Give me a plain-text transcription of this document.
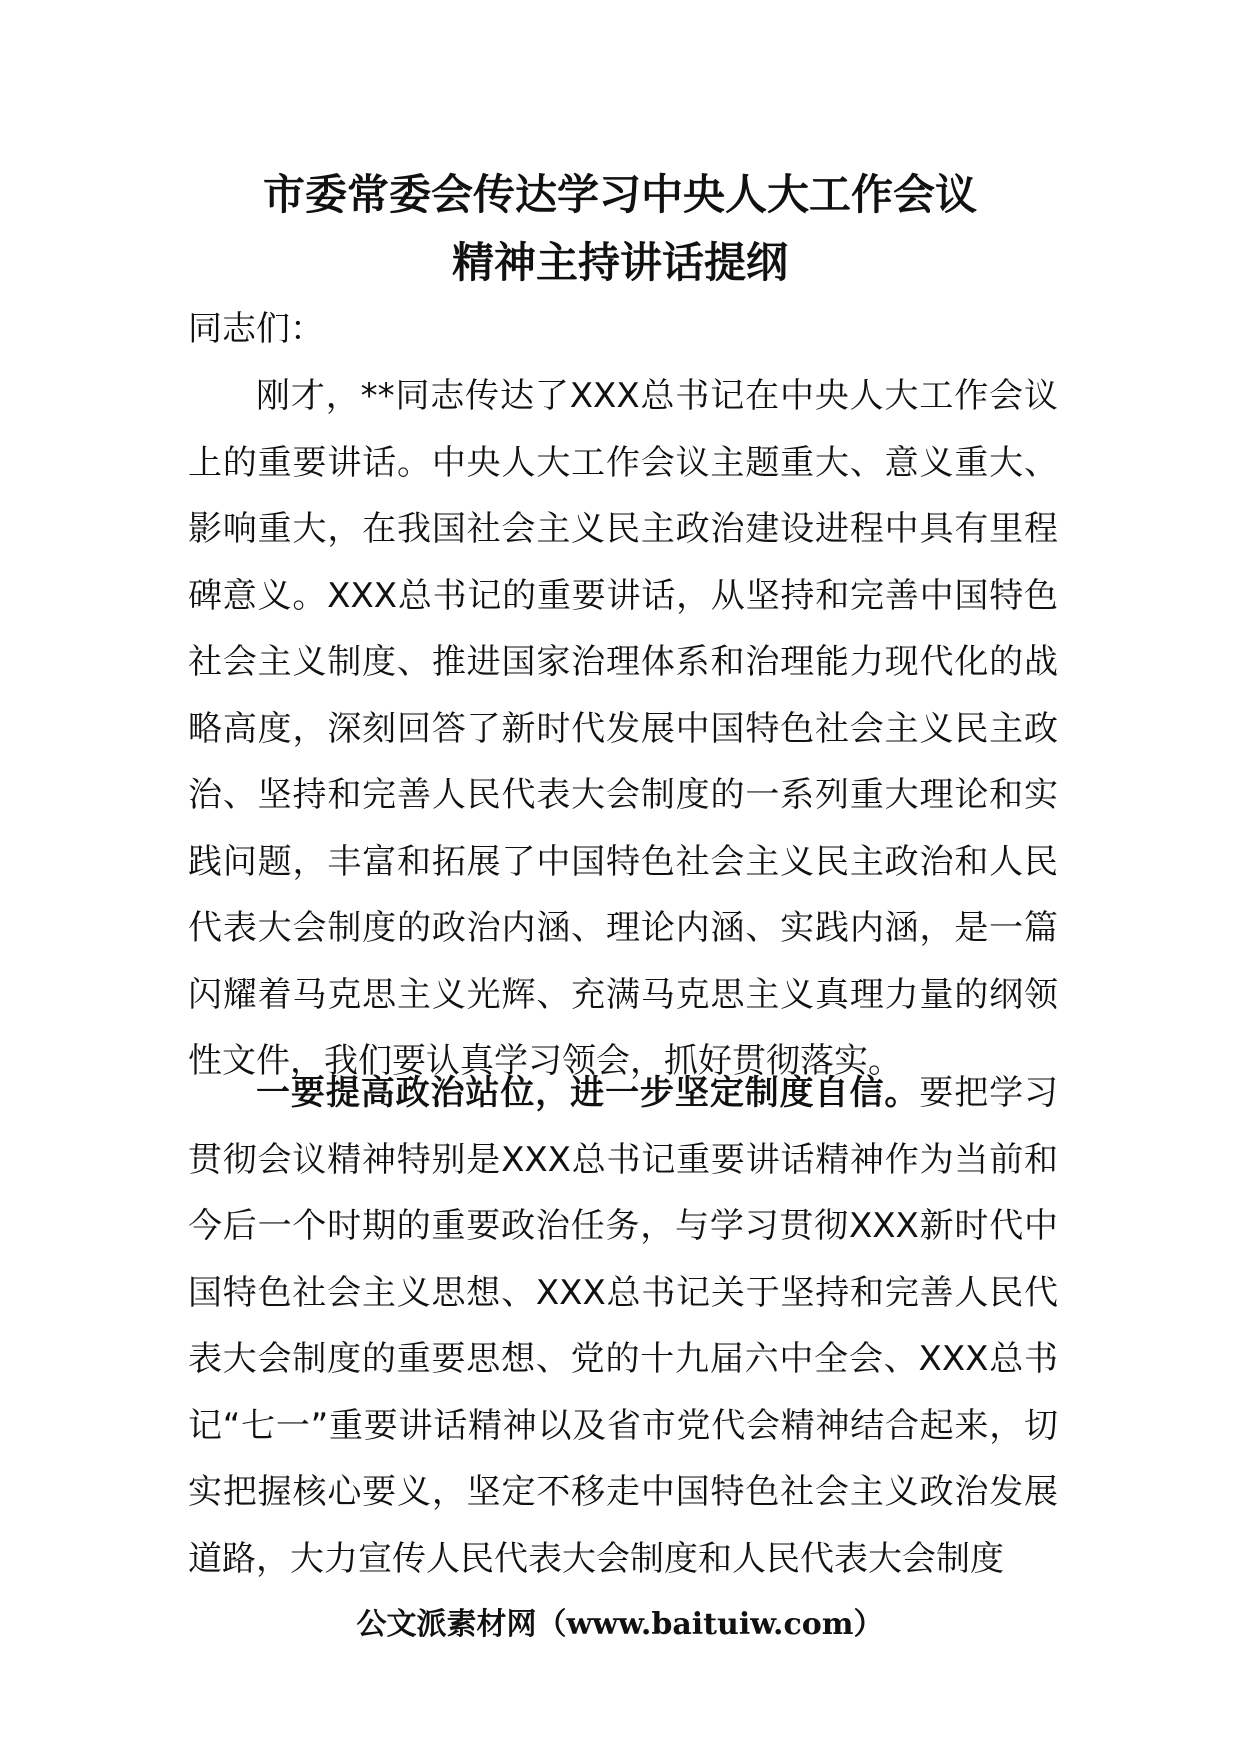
市委常委会传达学习中央人大工作会议
精神主持讲话提纲

同志们：

刚才，**同志传达了XXX总书记在中央人大工作会议上的重要讲话。中央人大工作会议主题重大、意义重大、影响重大，在我国社会主义民主政治建设进程中具有里程碑意义。XXX总书记的重要讲话，从坚持和完善中国特色社会主义制度、推进国家治理体系和治理能力现代化的战略高度，深刻回答了新时代发展中国特色社会主义民主政治、坚持和完善人民代表大会制度的一系列重大理论和实践问题，丰富和拓展了中国特色社会主义民主政治和人民代表大会制度的政治内涵、理论内涵、实践内涵，是一篇闪耀着马克思主义光辉、充满马克思主义真理力量的纲领性文件，我们要认真学习领会，抓好贯彻落实。

一要提高政治站位，进一步坚定制度自信。要把学习贯彻会议精神特别是XXX总书记重要讲话精神作为当前和今后一个时期的重要政治任务，与学习贯彻XXX新时代中国特色社会主义思想、XXX总书记关于坚持和完善人民代表大会制度的重要思想、党的十九届六中全会、XXX总书记“七一”重要讲话精神以及省市党代会精神结合起来，切实把握核心要义，坚定不移走中国特色社会主义政治发展道路，大力宣传人民代表大会制度和人民代表大会制度

公文派素材网（www.baituiw.com）
